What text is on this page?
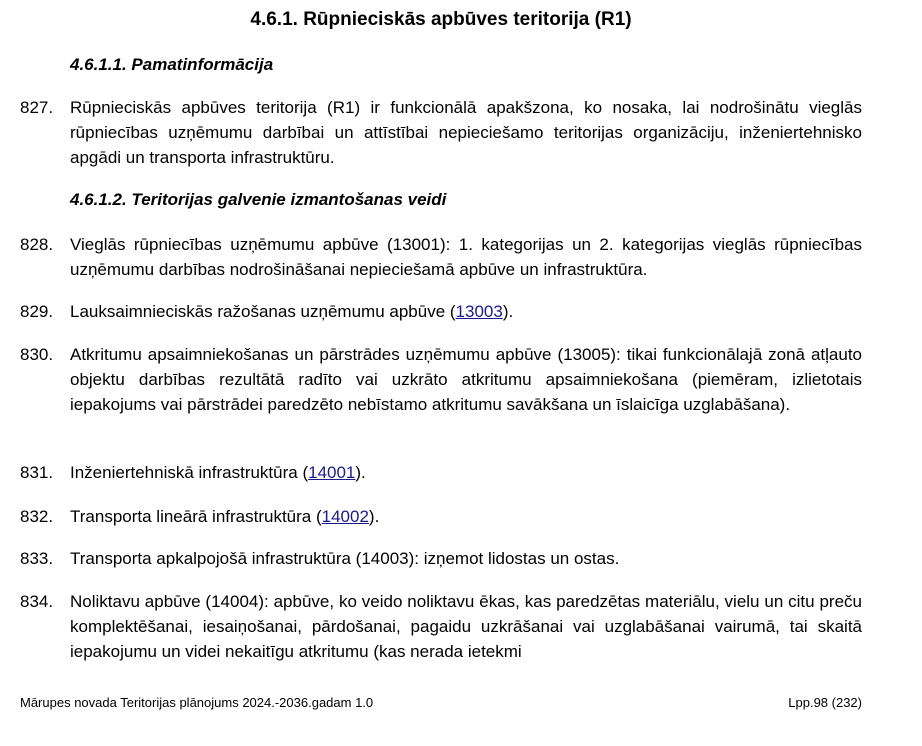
4.6.1. Rūpnieciskās apbūves teritorija (R1)
4.6.1.1. Pamatinformācija
827. Rūpnieciskās apbūves teritorija (R1) ir funkcionālā apakšzona, ko nosaka, lai nodrošinātu vieglās rūpniecības uzņēmumu darbībai un attīstībai nepieciešamo teritorijas organizāciju, inženiertehnisko apgādi un transporta infrastruktūru.
4.6.1.2. Teritorijas galvenie izmantošanas veidi
828. Vieglās rūpniecības uzņēmumu apbūve (13001): 1. kategorijas un 2. kategorijas vieglās rūpniecības uzņēmumu darbības nodrošināšanai nepieciešamā apbūve un infrastruktūra.
829. Lauksaimnieciskās ražošanas uzņēmumu apbūve (13003).
830. Atkritumu apsaimniekošanas un pārstrādes uzņēmumu apbūve (13005): tikai funkcionālajā zonā atļauto objektu darbības rezultātā radīto vai uzkrāto atkritumu apsaimniekošana (piemēram, izlietotais iepakojums vai pārstrādei paredzēto nebīstamo atkritumu savākšana un īslaicīga uzglabāšana).
831. Inženiertehniskā infrastruktūra (14001).
832. Transporta lineārā infrastruktūra (14002).
833. Transporta apkalpojošā infrastruktūra (14003): izņemot lidostas un ostas.
834. Noliktavu apbūve (14004): apbūve, ko veido noliktavu ēkas, kas paredzētas materiālu, vielu un citu preču komplektēšanai, iesaiņošanai, pārdošanai, pagaidu uzkrāšanai vai uzglabāšanai vairumā, tai skaitā iepakojumu un videi nekaitīgu atkritumu (kas nerada ietekmi
Mārupes novada Teritorijas plānojums 2024.-2036.gadam 1.0	Lpp.98 (232)
